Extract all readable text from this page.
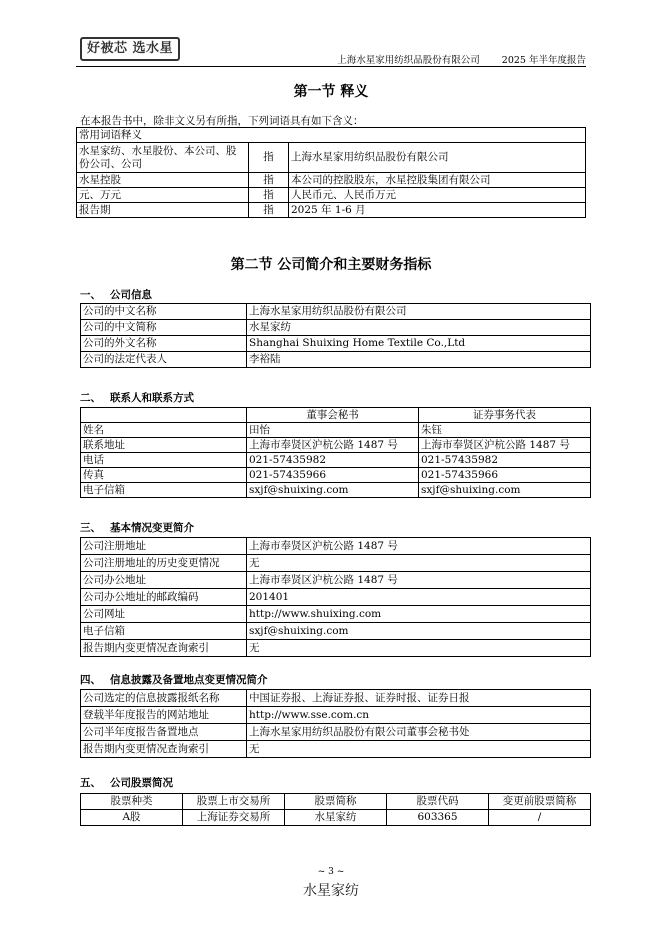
好被芯 选水星
上海水星家用纺织品股份有限公司 2025 年半年度报告
第一节 释义
在本报告书中，除非文义另有所指，下列词语具有如下含义：
常用词语释义		
水星家纺、水星股份、本公司、股份公司、公司	指	上海水星家用纺织品股份有限公司
水星控股	指	本公司的控股股东，水星控股集团有限公司
元、万元	指	人民币元、人民币万元
报告期	指	2025 年 1-6 月
第二节 公司简介和主要财务指标
一、 公司信息
公司的中文名称	上海水星家用纺织品股份有限公司
公司的中文简称	水星家纺
公司的外文名称	Shanghai Shuixing Home Textile Co.,Ltd
公司的法定代表人	李裕陆
二、 联系人和联系方式
	董事会秘书	证券事务代表
姓名	田怡	朱钰
联系地址	上海市奉贤区沪杭公路 1487 号	上海市奉贤区沪杭公路 1487 号
电话	021-57435982	021-57435982
传真	021-57435966	021-57435966
电子信箱	sxjf@shuixing.com	sxjf@shuixing.com
三、 基本情况变更简介
公司注册地址	上海市奉贤区沪杭公路 1487 号
公司注册地址的历史变更情况	无
公司办公地址	上海市奉贤区沪杭公路 1487 号
公司办公地址的邮政编码	201401
公司网址	http://www.shuixing.com
电子信箱	sxjf@shuixing.com
报告期内变更情况查询索引	无
四、 信息披露及备置地点变更情况简介
公司选定的信息披露报纸名称	中国证券报、上海证券报、证券时报、证券日报
登载半年度报告的网站地址	http://www.sse.com.cn
公司半年度报告备置地点	上海水星家用纺织品股份有限公司董事会秘书处
报告期内变更情况查询索引	无
五、 公司股票简况
股票种类	股票上市交易所	股票简称	股票代码	变更前股票简称
A股	上海证券交易所	水星家纺	603365	/
~ 3 ~
水星家纺
